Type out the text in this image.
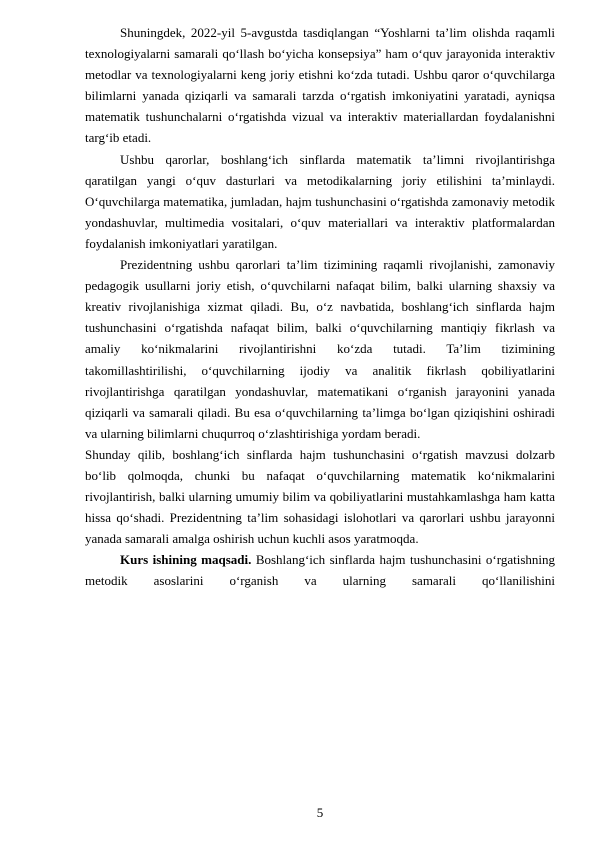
Shuningdek, 2022-yil 5-avgustda tasdiqlangan “Yoshlarni ta’lim olishda raqamli texnologiyalarni samarali qo‘llash bo‘yicha konsepsiya” ham o‘quv jarayonida interaktiv metodlar va texnologiyalarni keng joriy etishni ko‘zda tutadi. Ushbu qaror o‘quvchilarga bilimlarni yanada qiziqarli va samarali tarzda o‘rgatish imkoniyatini yaratadi, ayniqsa matematik tushunchalarni o‘rgatishda vizual va interaktiv materiallardan foydalanishni targ‘ib etadi.

Ushbu qarorlar, boshlang‘ich sinflarda matematik ta’limni rivojlantirishga qaratilgan yangi o‘quv dasturlari va metodikalarning joriy etilishini ta’minlaydi. O‘quvchilarga matematika, jumladan, hajm tushunchasini o‘rgatishda zamonaviy metodik yondashuvlar, multimedia vositalari, o‘quv materiallari va interaktiv platformalardan foydalanish imkoniyatlari yaratilgan.

Prezidentning ushbu qarorlari ta’lim tizimining raqamli rivojlanishi, zamonaviy pedagogik usullarni joriy etish, o‘quvchilarni nafaqat bilim, balki ularning shaxsiy va kreativ rivojlanishiga xizmat qiladi. Bu, o‘z navbatida, boshlang‘ich sinflarda hajm tushunchasini o‘rgatishda nafaqat bilim, balki o‘quvchilarning mantiqiy fikrlash va amaliy ko‘nikmalarini rivojlantirishni ko‘zda tutadi. Ta’lim tizimining takomillashtirilishi, o‘quvchilarning ijodiy va analitik fikrlash qobiliyatlarini rivojlantirishga qaratilgan yondashuvlar, matematikani o‘rganish jarayonini yanada qiziqarli va samarali qiladi. Bu esa o‘quvchilarning ta’limga bo‘lgan qiziqishini oshiradi va ularning bilimlarni chuqurroq o‘zlashtirishiga yordam beradi.

Shunday qilib, boshlang‘ich sinflarda hajm tushunchasini o‘rgatish mavzusi dolzarb bo‘lib qolmoqda, chunki bu nafaqat o‘quvchilarning matematik ko‘nikmalarini rivojlantirish, balki ularning umumiy bilim va qobiliyatlarini mustahkamlashga ham katta hissa qo‘shadi. Prezidentning ta’lim sohasidagi islohotlari va qarorlari ushbu jarayonni yanada samarali amalga oshirish uchun kuchli asos yaratmoqda.

Kurs ishining maqsadi. Boshlang‘ich sinflarda hajm tushunchasini o‘rgatishning metodik asoslarini o‘rganish va ularning samarali qo‘llanilishini

5
